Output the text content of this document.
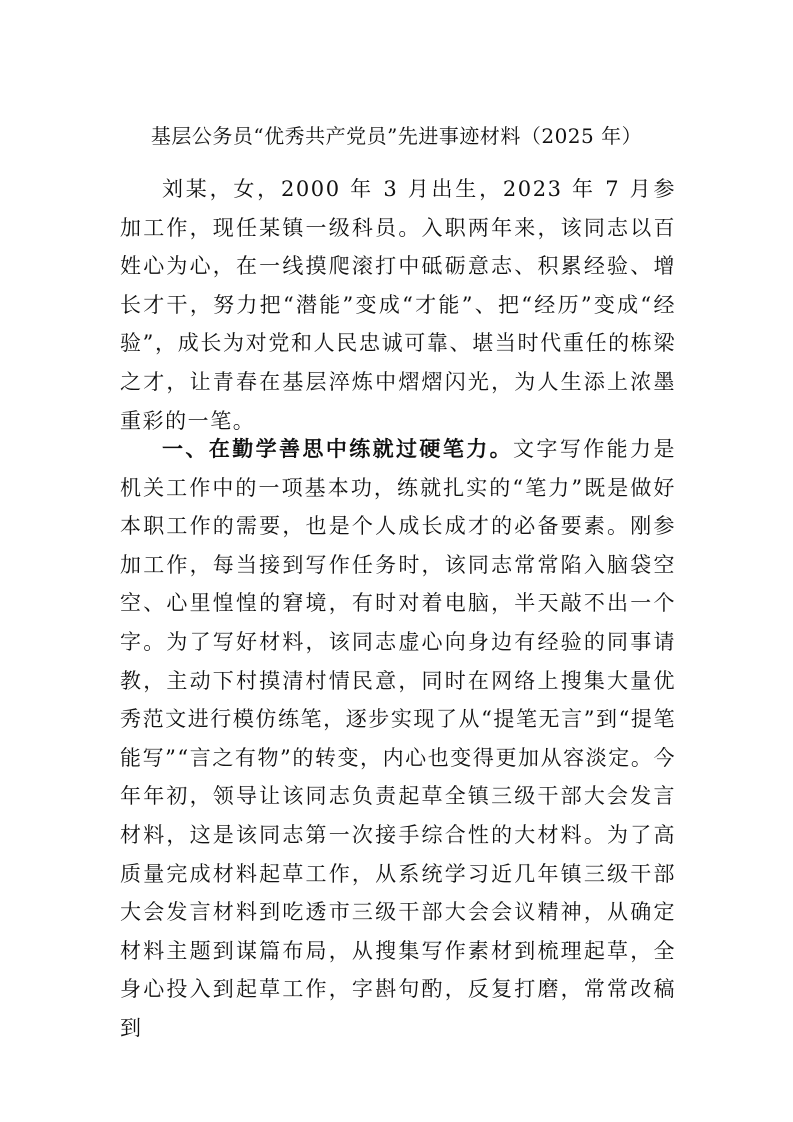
基层公务员“优秀共产党员”先进事迹材料（2025 年）

刘某，女，2000 年 3 月出生，2023 年 7 月参加工作，现任某镇一级科员。入职两年来，该同志以百姓心为心，在一线摸爬滚打中砥砺意志、积累经验、增长才干，努力把“潜能”变成“才能”、把“经历”变成“经验”，成长为对党和人民忠诚可靠、堪当时代重任的栋梁之才，让青春在基层淬炼中熠熠闪光，为人生添上浓墨重彩的一笔。

一、在勤学善思中练就过硬笔力。文字写作能力是机关工作中的一项基本功，练就扎实的“笔力”既是做好本职工作的需要，也是个人成长成才的必备要素。刚参加工作，每当接到写作任务时，该同志常常陷入脑袋空空、心里惶惶的窘境，有时对着电脑，半天敲不出一个字。为了写好材料，该同志虚心向身边有经验的同事请教，主动下村摸清村情民意，同时在网络上搜集大量优秀范文进行模仿练笔，逐步实现了从“提笔无言”到“提笔能写”“言之有物”的转变，内心也变得更加从容淡定。今年年初，领导让该同志负责起草全镇三级干部大会发言材料，这是该同志第一次接手综合性的大材料。为了高质量完成材料起草工作，从系统学习近几年镇三级干部大会发言材料到吃透市三级干部大会会议精神，从确定材料主题到谋篇布局，从搜集写作素材到梳理起草，全身心投入到起草工作，字斟句酌，反复打磨，常常改稿到
